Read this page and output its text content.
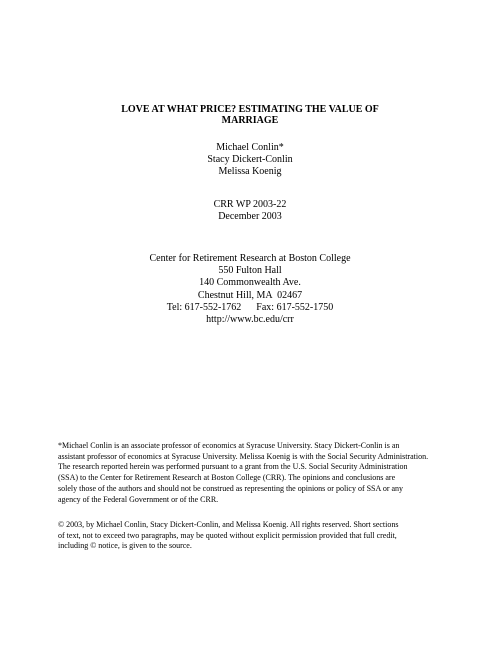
LOVE AT WHAT PRICE? ESTIMATING THE VALUE OF
MARRIAGE
Michael Conlin*
Stacy Dickert-Conlin
Melissa Koenig
CRR WP 2003-22
December 2003
Center for Retirement Research at Boston College
550 Fulton Hall
140 Commonwealth Ave.
Chestnut Hill, MA  02467
Tel: 617-552-1762      Fax: 617-552-1750
http://www.bc.edu/crr
*Michael Conlin is an associate professor of economics at Syracuse University. Stacy Dickert-Conlin is an
assistant professor of economics at Syracuse University. Melissa Koenig is with the Social Security Administration.
The research reported herein was performed pursuant to a grant from the U.S. Social Security Administration
(SSA) to the Center for Retirement Research at Boston College (CRR). The opinions and conclusions are
solely those of the authors and should not be construed as representing the opinions or policy of SSA or any
agency of the Federal Government or of the CRR.
© 2003, by Michael Conlin, Stacy Dickert-Conlin, and Melissa Koenig. All rights reserved. Short sections
of text, not to exceed two paragraphs, may be quoted without explicit permission provided that full credit,
including © notice, is given to the source.
